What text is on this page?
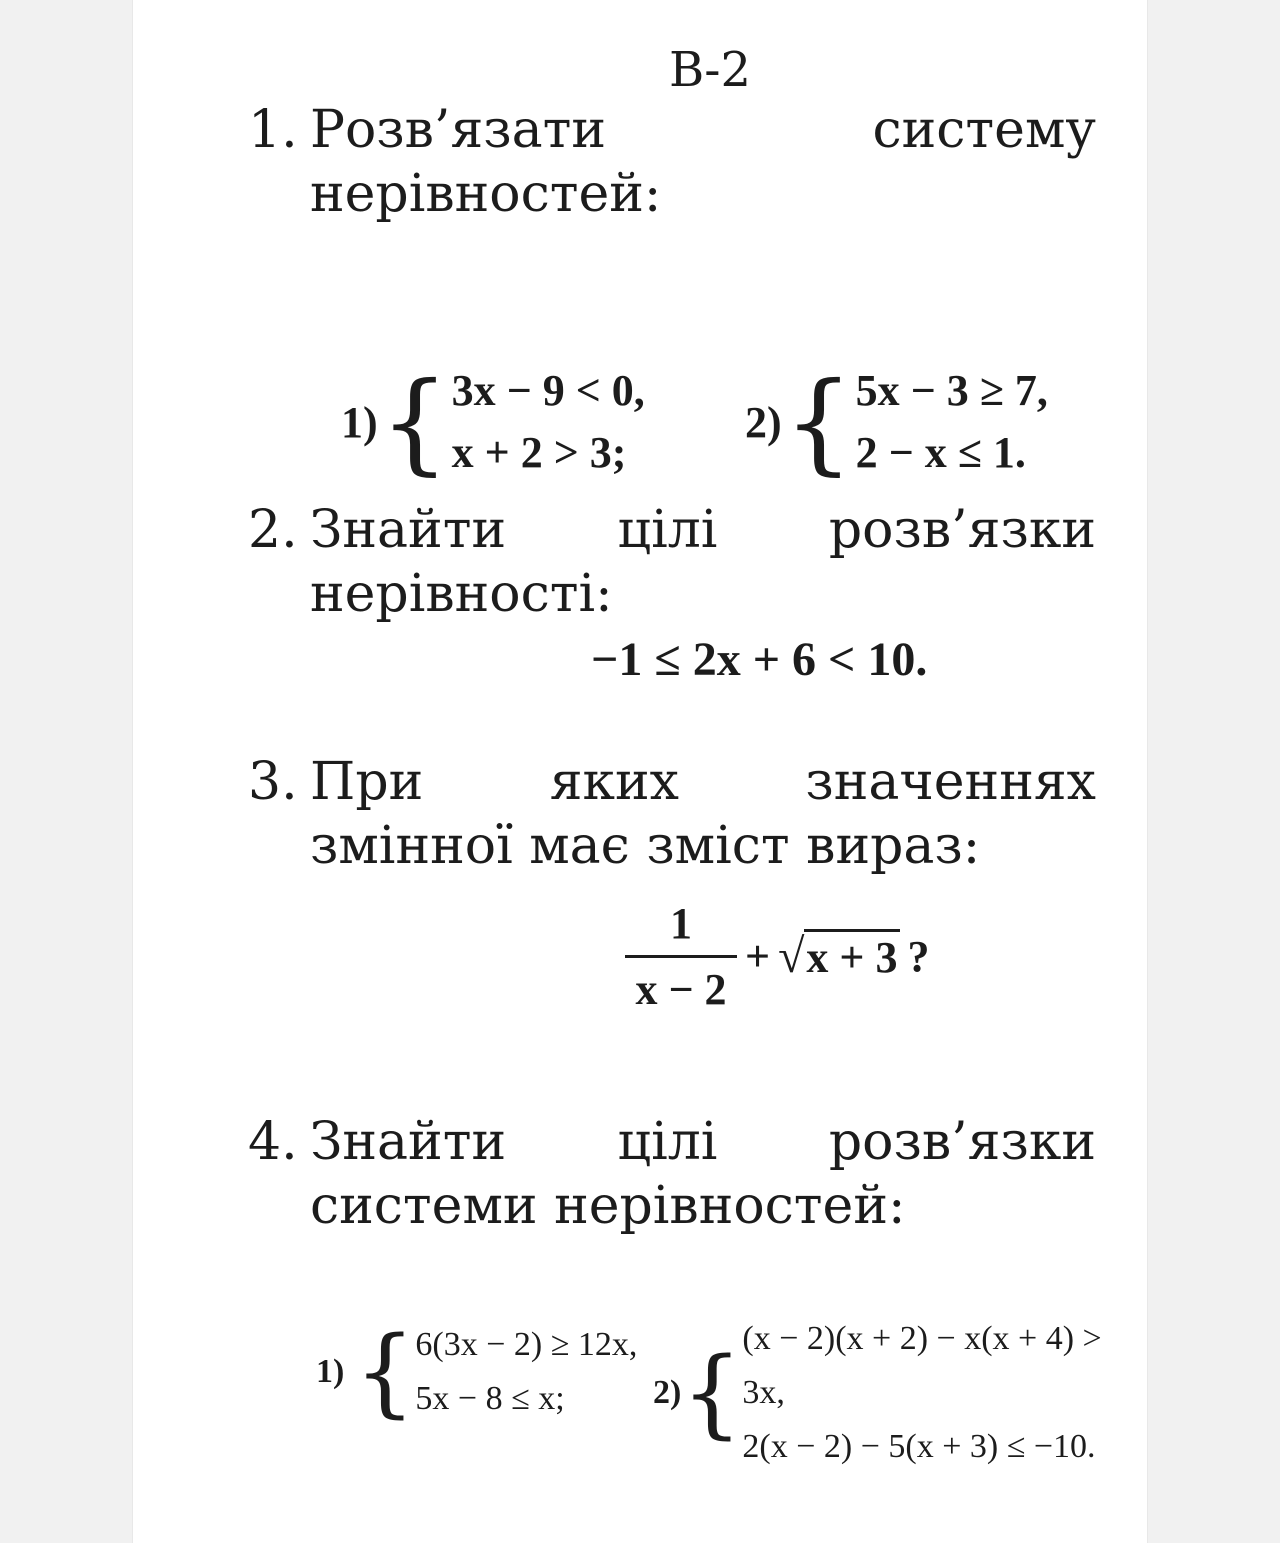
В-2
1. Розв’язати	систему
нерівностей:
1) { 3x − 9 < 0,
x + 2 > 3;
2) { 5x − 3 ≥ 7,
2 − x ≤ 1.
2. Знайти цілі розв’язки
нерівності:
−1 ≤ 2x + 6 < 10.
3. При яких значеннях
змінної має зміст вираз:
1
x − 2
+ √ x + 3 ?
4. Знайти цілі розв’язки
системи нерівностей:
1) { 6(3x − 2) ≥ 12x,
5x − 8 ≤ x;	2) { (x − 2)(x + 2) − x(x + 4) > 3x,
2(x − 2) − 5(x + 3) ≤ −10.
